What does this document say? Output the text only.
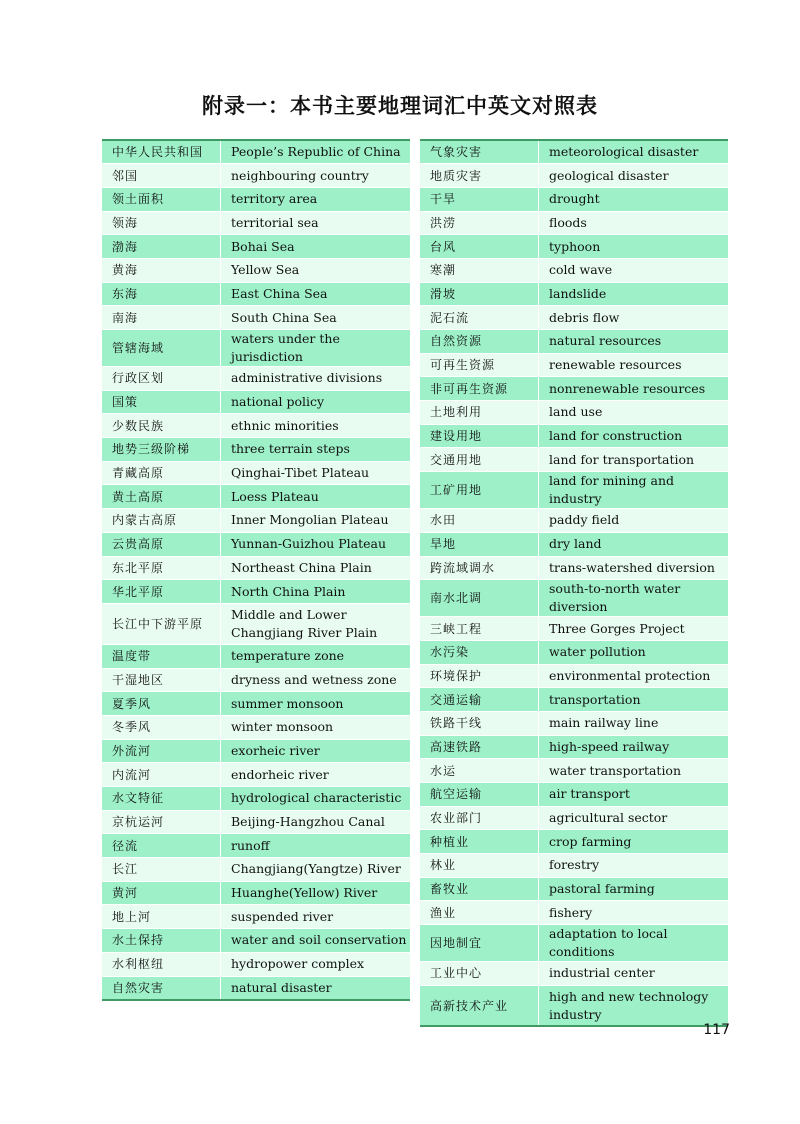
附录一：本书主要地理词汇中英文对照表
中华人民共和国	People’s Republic of China
邻国	neighbouring country
领土面积	territory area
领海	territorial sea
渤海	Bohai Sea
黄海	Yellow Sea
东海	East China Sea
南海	South China Sea
管辖海域	waters under the jurisdiction
行政区划	administrative divisions
国策	national policy
少数民族	ethnic minorities
地势三级阶梯	three terrain steps
青藏高原	Qinghai-Tibet Plateau
黄土高原	Loess Plateau
内蒙古高原	Inner Mongolian Plateau
云贵高原	Yunnan-Guizhou Plateau
东北平原	Northeast China Plain
华北平原	North China Plain
长江中下游平原	Middle and Lower Changjiang River Plain
温度带	temperature zone
干湿地区	dryness and wetness zone
夏季风	summer monsoon
冬季风	winter monsoon
外流河	exorheic river
内流河	endorheic river
水文特征	hydrological characteristic
京杭运河	Beijing-Hangzhou Canal
径流	runoff
长江	Changjiang(Yangtze) River
黄河	Huanghe(Yellow) River
地上河	suspended river
水土保持	water and soil conservation
水利枢纽	hydropower complex
自然灾害	natural disaster
气象灾害	meteorological disaster
地质灾害	geological disaster
干旱	drought
洪涝	floods
台风	typhoon
寒潮	cold wave
滑坡	landslide
泥石流	debris flow
自然资源	natural resources
可再生资源	renewable resources
非可再生资源	nonrenewable resources
土地利用	land use
建设用地	land for construction
交通用地	land for transportation
工矿用地	land for mining and industry
水田	paddy field
旱地	dry land
跨流域调水	trans-watershed diversion
南水北调	south-to-north water diversion
三峡工程	Three Gorges Project
水污染	water pollution
环境保护	environmental protection
交通运输	transportation
铁路干线	main railway line
高速铁路	high-speed railway
水运	water transportation
航空运输	air transport
农业部门	agricultural sector
种植业	crop farming
林业	forestry
畜牧业	pastoral farming
渔业	fishery
因地制宜	adaptation to local conditions
工业中心	industrial center
高新技术产业	high and new technology industry
117
